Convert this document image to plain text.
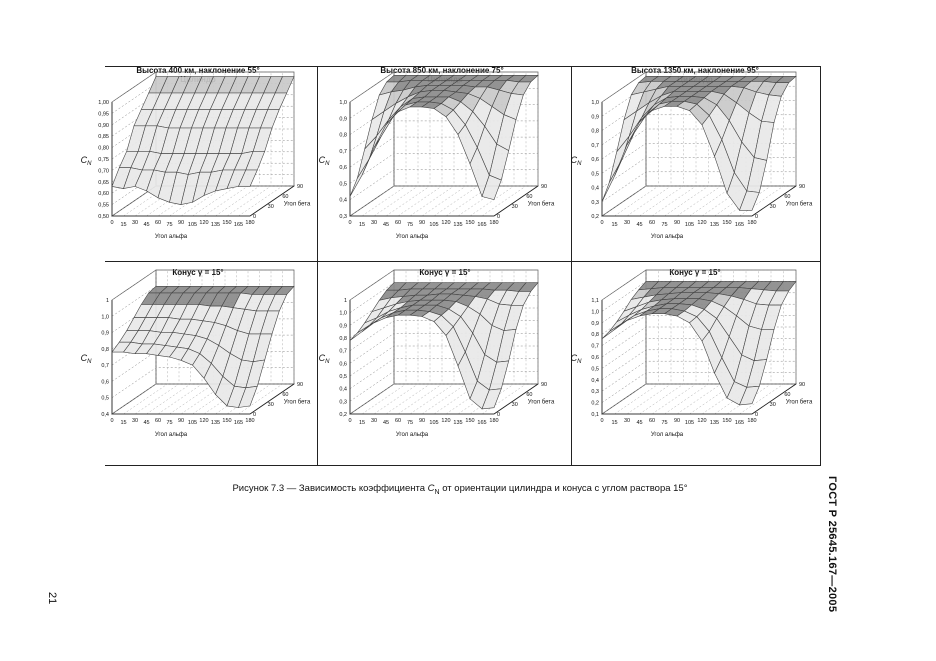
Высота 400 км, наклонение 55°	Высота 850 км, наклонение 75°	Высота 1350 км, наклонение 95°
Конус γ = 15°	Конус γ = 15°	Конус γ = 15°
0,50
0,55
0,60
0,65
0,70
0,75
0,80
0,85
0,90
0,95
1,00
0 15 30 45 60 75 90 105 120 135 150 165 180
0
30
60
90
Угол альфа
Угол бета
$C_N$
0,3
0,4
0,5
0,6
0,7
0,8
0,9
1,0
0 15 30 45 60 75 90 105 120 135 150 165 180
0
30
60
90
Угол альфа
Угол бета
$C_N$
0,2
0,3
0,4
0,5
0,6
0,7
0,8
0,9
1,0
0 15 30 45 60 75 90 105 120 135 150 165 180
0
30
60
90
Угол альфа
Угол бета
$C_N$
0,4
0,5
0,6
0,7
0,8
0,9
1,0
1
0 15 30 45 60 75 90 105 120 135 150 165 180
0
30
60
90
Угол альфа
Угол бета
$C_N$
0,2
0,3
0,4
0,5
0,6
0,7
0,8
0,9
1,0
1
0 15 30 45 60 75 90 105 120 135 150 165 180
0
30
60
90
Угол альфа
Угол бета
$C_N$
0,1
0,2
0,3
0,4
0,5
0,6
0,7
0,8
0,9
1,0
1,1
0 15 30 45 60 75 90 105 120 135 150 165 180
0
30
60
90
Угол альфа
Угол бета
$C_N$
Рисунок 7.3 — Зависимость коэффициента $C_N$ от ориентации цилиндра и конуса с углом раствора 15°	ГОСТ Р 25645.167—2005
21
